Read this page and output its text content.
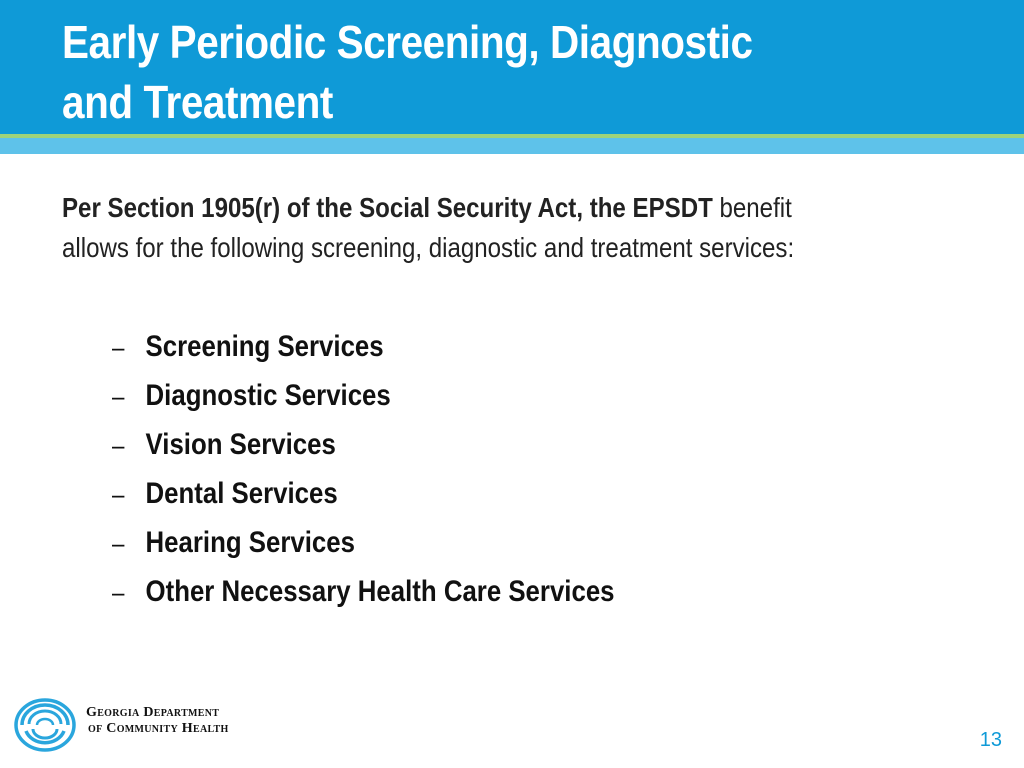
Early Periodic Screening, Diagnostic
and Treatment

Per Section 1905(r) of the Social Security Act, the EPSDT benefit
allows for the following screening, diagnostic and treatment services:

– Screening Services
– Diagnostic Services
– Vision Services
– Dental Services
– Hearing Services
– Other Necessary Health Care Services
Georgia Department
of Community Health
13
